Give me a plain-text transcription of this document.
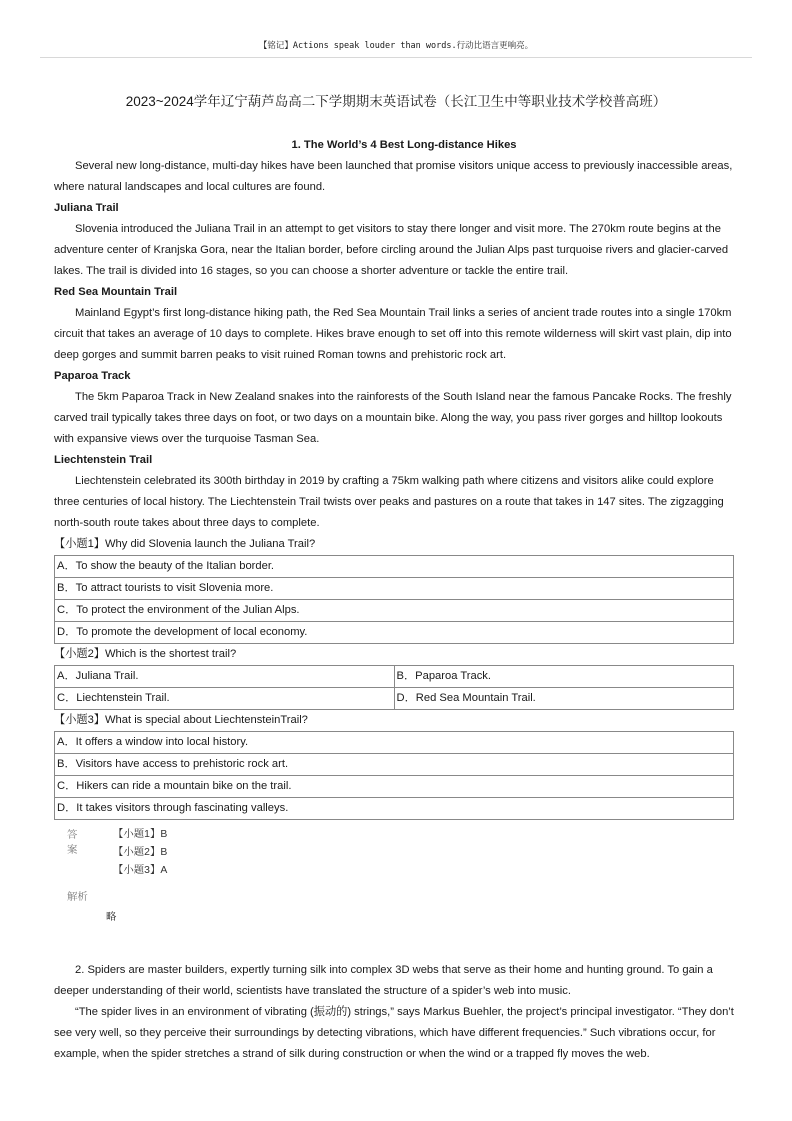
【铭记】Actions speak louder than words.行动比语言更响亮。
2023~2024学年辽宁葫芦岛高二下学期期末英语试卷（长江卫生中等职业技术学校普高班）
1. The World’s 4 Best Long-distance Hikes

Several new long-distance, multi-day hikes have been launched that promise visitors unique access to previously inaccessible areas, where natural landscapes and local cultures are found.

Juliana Trail

Slovenia introduced the Juliana Trail in an attempt to get visitors to stay there longer and visit more. The 270km route begins at the adventure center of Kranjska Gora, near the Italian border, before circling around the Julian Alps past turquoise rivers and glacier-carved lakes. The trail is divided into 16 stages, so you can choose a shorter adventure or tackle the entire trail.

Red Sea Mountain Trail

Mainland Egypt’s first long-distance hiking path, the Red Sea Mountain Trail links a series of ancient trade routes into a single 170km circuit that takes an average of 10 days to complete. Hikes brave enough to set off into this remote wilderness will skirt vast plain, dip into deep gorges and summit barren peaks to visit ruined Roman towns and prehistoric rock art.

Paparoa Track

The 5km Paparoa Track in New Zealand snakes into the rainforests of the South Island near the famous Pancake Rocks. The freshly carved trail typically takes three days on foot, or two days on a mountain bike. Along the way, you pass river gorges and hilltop lookouts with expansive views over the turquoise Tasman Sea.

Liechtenstein Trail

Liechtenstein celebrated its 300th birthday in 2019 by crafting a 75km walking path where citizens and visitors alike could explore three centuries of local history. The Liechtenstein Trail twists over peaks and pastures on a route that takes in 147 sites. The zigzagging north-south route takes about three days to complete.

【小题1】Why did Slovenia launch the Juliana Trail?

A．To show the beauty of the Italian border.
B．To attract tourists to visit Slovenia more.
C．To protect the environment of the Julian Alps.
D．To promote the development of local economy.

【小题2】Which is the shortest trail?

A．Juliana Trail.	B．Paparoa Track.
C．Liechtenstein Trail.	D．Red Sea Mountain Trail.

【小题3】What is special about LiechtensteinTrail?

A．It offers a window into local history.
B．Visitors have access to prehistoric rock art.
C．Hikers can ride a mountain bike on the trail.
D．It takes visitors through fascinating valleys.
答案
【小题1】B
【小题2】B
【小题3】A
解析
略

2. Spiders are master builders, expertly turning silk into complex 3D webs that serve as their home and hunting ground. To gain a deeper understanding of their world, scientists have translated the structure of a spider’s web into music.

“The spider lives in an environment of vibrating (振动的) strings,” says Markus Buehler, the project’s principal investigator. “They don’t see very well, so they perceive their surroundings by detecting vibrations, which have different frequencies.” Such vibrations occur, for example, when the spider stretches a strand of silk during construction or when the wind or a trapped fly moves the web.
